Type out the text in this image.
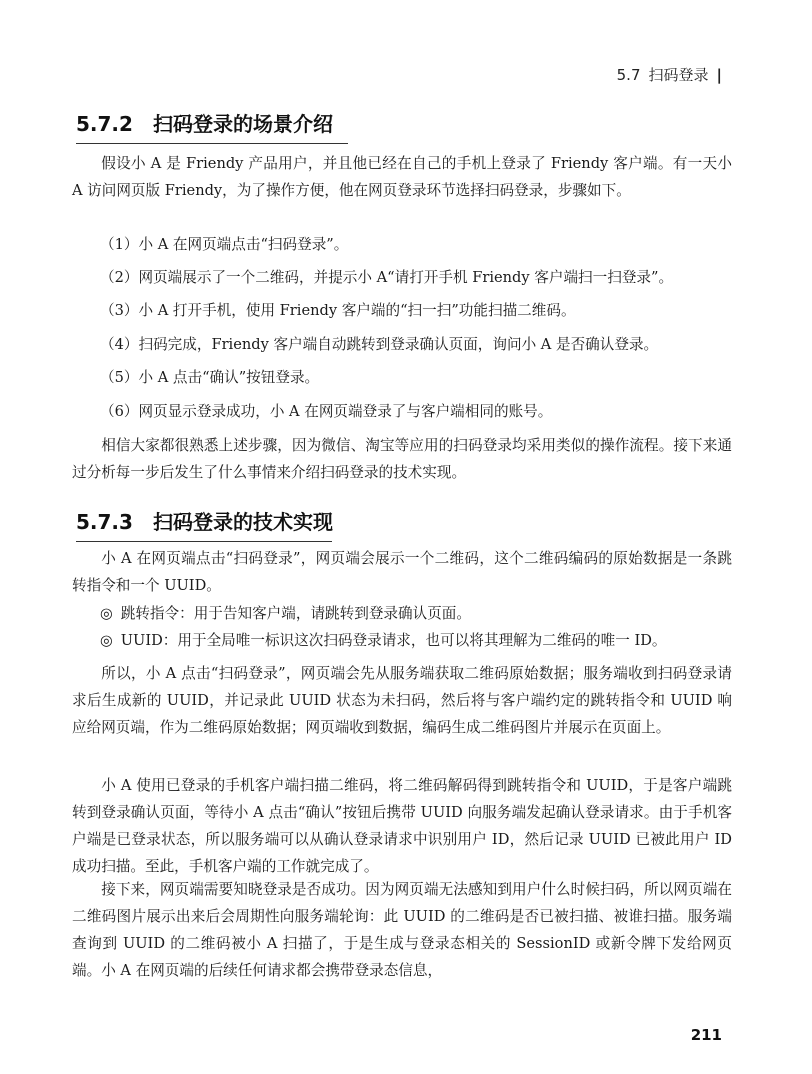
5.7 扫码登录 |
5.7.2 扫码登录的场景介绍

假设小 A 是 Friendy 产品用户，并且他已经在自己的手机上登录了 Friendy 客户端。有一天小 A 访问网页版 Friendy，为了操作方便，他在网页登录环节选择扫码登录，步骤如下。

（1）小 A 在网页端点击“扫码登录”。

（2）网页端展示了一个二维码，并提示小 A“请打开手机 Friendy 客户端扫一扫登录”。

（3）小 A 打开手机，使用 Friendy 客户端的“扫一扫”功能扫描二维码。

（4）扫码完成，Friendy 客户端自动跳转到登录确认页面，询问小 A 是否确认登录。

（5）小 A 点击“确认”按钮登录。

（6）网页显示登录成功，小 A 在网页端登录了与客户端相同的账号。

相信大家都很熟悉上述步骤，因为微信、淘宝等应用的扫码登录均采用类似的操作流程。接下来通过分析每一步后发生了什么事情来介绍扫码登录的技术实现。

5.7.3 扫码登录的技术实现

小 A 在网页端点击“扫码登录”，网页端会展示一个二维码，这个二维码编码的原始数据是一条跳转指令和一个 UUID。

◎ 跳转指令：用于告知客户端，请跳转到登录确认页面。

◎ UUID：用于全局唯一标识这次扫码登录请求，也可以将其理解为二维码的唯一 ID。

所以，小 A 点击“扫码登录”，网页端会先从服务端获取二维码原始数据；服务端收到扫码登录请求后生成新的 UUID，并记录此 UUID 状态为未扫码，然后将与客户端约定的跳转指令和 UUID 响应给网页端，作为二维码原始数据；网页端收到数据，编码生成二维码图片并展示在页面上。

小 A 使用已登录的手机客户端扫描二维码，将二维码解码得到跳转指令和 UUID，于是客户端跳转到登录确认页面，等待小 A 点击“确认”按钮后携带 UUID 向服务端发起确认登录请求。由于手机客户端是已登录状态，所以服务端可以从确认登录请求中识别用户 ID，然后记录 UUID 已被此用户 ID 成功扫描。至此，手机客户端的工作就完成了。

接下来，网页端需要知晓登录是否成功。因为网页端无法感知到用户什么时候扫码，所以网页端在二维码图片展示出来后会周期性向服务端轮询：此 UUID 的二维码是否已被扫描、被谁扫描。服务端查询到 UUID 的二维码被小 A 扫描了，于是生成与登录态相关的 SessionID 或新令牌下发给网页端。小 A 在网页端的后续任何请求都会携带登录态信息，

211
